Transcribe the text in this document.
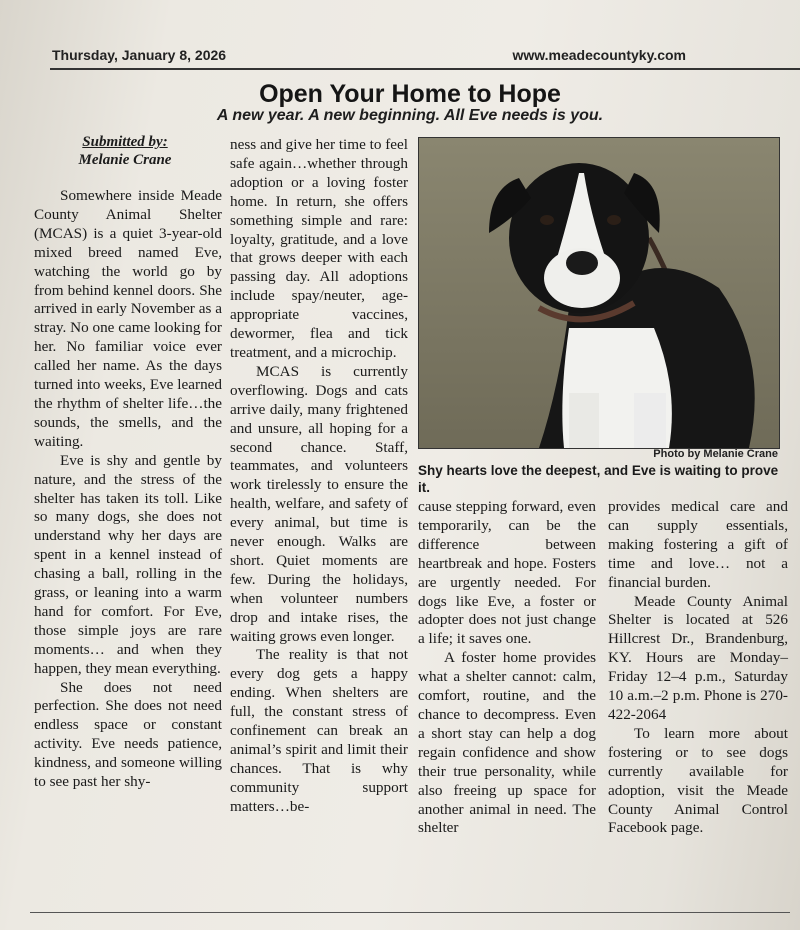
Thursday, January 8, 2026	www.meadecountyky.com
Open Your Home to Hope
A new year. A new beginning. All Eve needs is you.
Submitted by:
Melanie Crane

Somewhere inside Meade County Animal Shelter (MCAS) is a quiet 3-year-old mixed breed named Eve, watching the world go by from behind kennel doors. She arrived in early November as a stray. No one came looking for her. No familiar voice ever called her name. As the days turned into weeks, Eve learned the rhythm of shelter life…the sounds, the smells, and the waiting.

Eve is shy and gentle by nature, and the stress of the shelter has taken its toll. Like so many dogs, she does not understand why her days are spent in a kennel instead of chasing a ball, rolling in the grass, or leaning into a warm hand for comfort. For Eve, those simple joys are rare moments… and when they happen, they mean everything.

She does not need perfection. She does not need endless space or constant activity. Eve needs patience, kindness, and someone willing to see past her shy-

ness and give her time to feel safe again…whether through adoption or a loving foster home. In return, she offers something simple and rare: loyalty, gratitude, and a love that grows deeper with each passing day. All adoptions include spay/neuter, age-appropriate vaccines, dewormer, flea and tick treatment, and a microchip.

MCAS is currently overflowing. Dogs and cats arrive daily, many frightened and unsure, all hoping for a second chance. Staff, teammates, and volunteers work tirelessly to ensure the health, welfare, and safety of every animal, but time is never enough. Walks are short. Quiet moments are few. During the holidays, when volunteer numbers drop and intake rises, the waiting grows even longer.

The reality is that not every dog gets a happy ending. When shelters are full, the constant stress of confinement can break an animal’s spirit and limit their chances. That is why community support matters…be-

Photo by Melanie Crane
Shy hearts love the deepest, and Eve is waiting to prove it.

cause stepping forward, even temporarily, can be the difference between heartbreak and hope. Fosters are urgently needed. For dogs like Eve, a foster or adopter does not just change a life; it saves one.

A foster home provides what a shelter cannot: calm, comfort, routine, and the chance to decompress. Even a short stay can help a dog regain confidence and show their true personality, while also freeing up space for another animal in need. The shelter

provides medical care and can supply essentials, making fostering a gift of time and love… not a financial burden.

Meade County Animal Shelter is located at 526 Hillcrest Dr., Brandenburg, KY. Hours are Monday–Friday 12–4 p.m., Saturday 10 a.m.–2 p.m. Phone is 270-422-2064

To learn more about fostering or to see dogs currently available for adoption, visit the Meade County Animal Control Facebook page.
